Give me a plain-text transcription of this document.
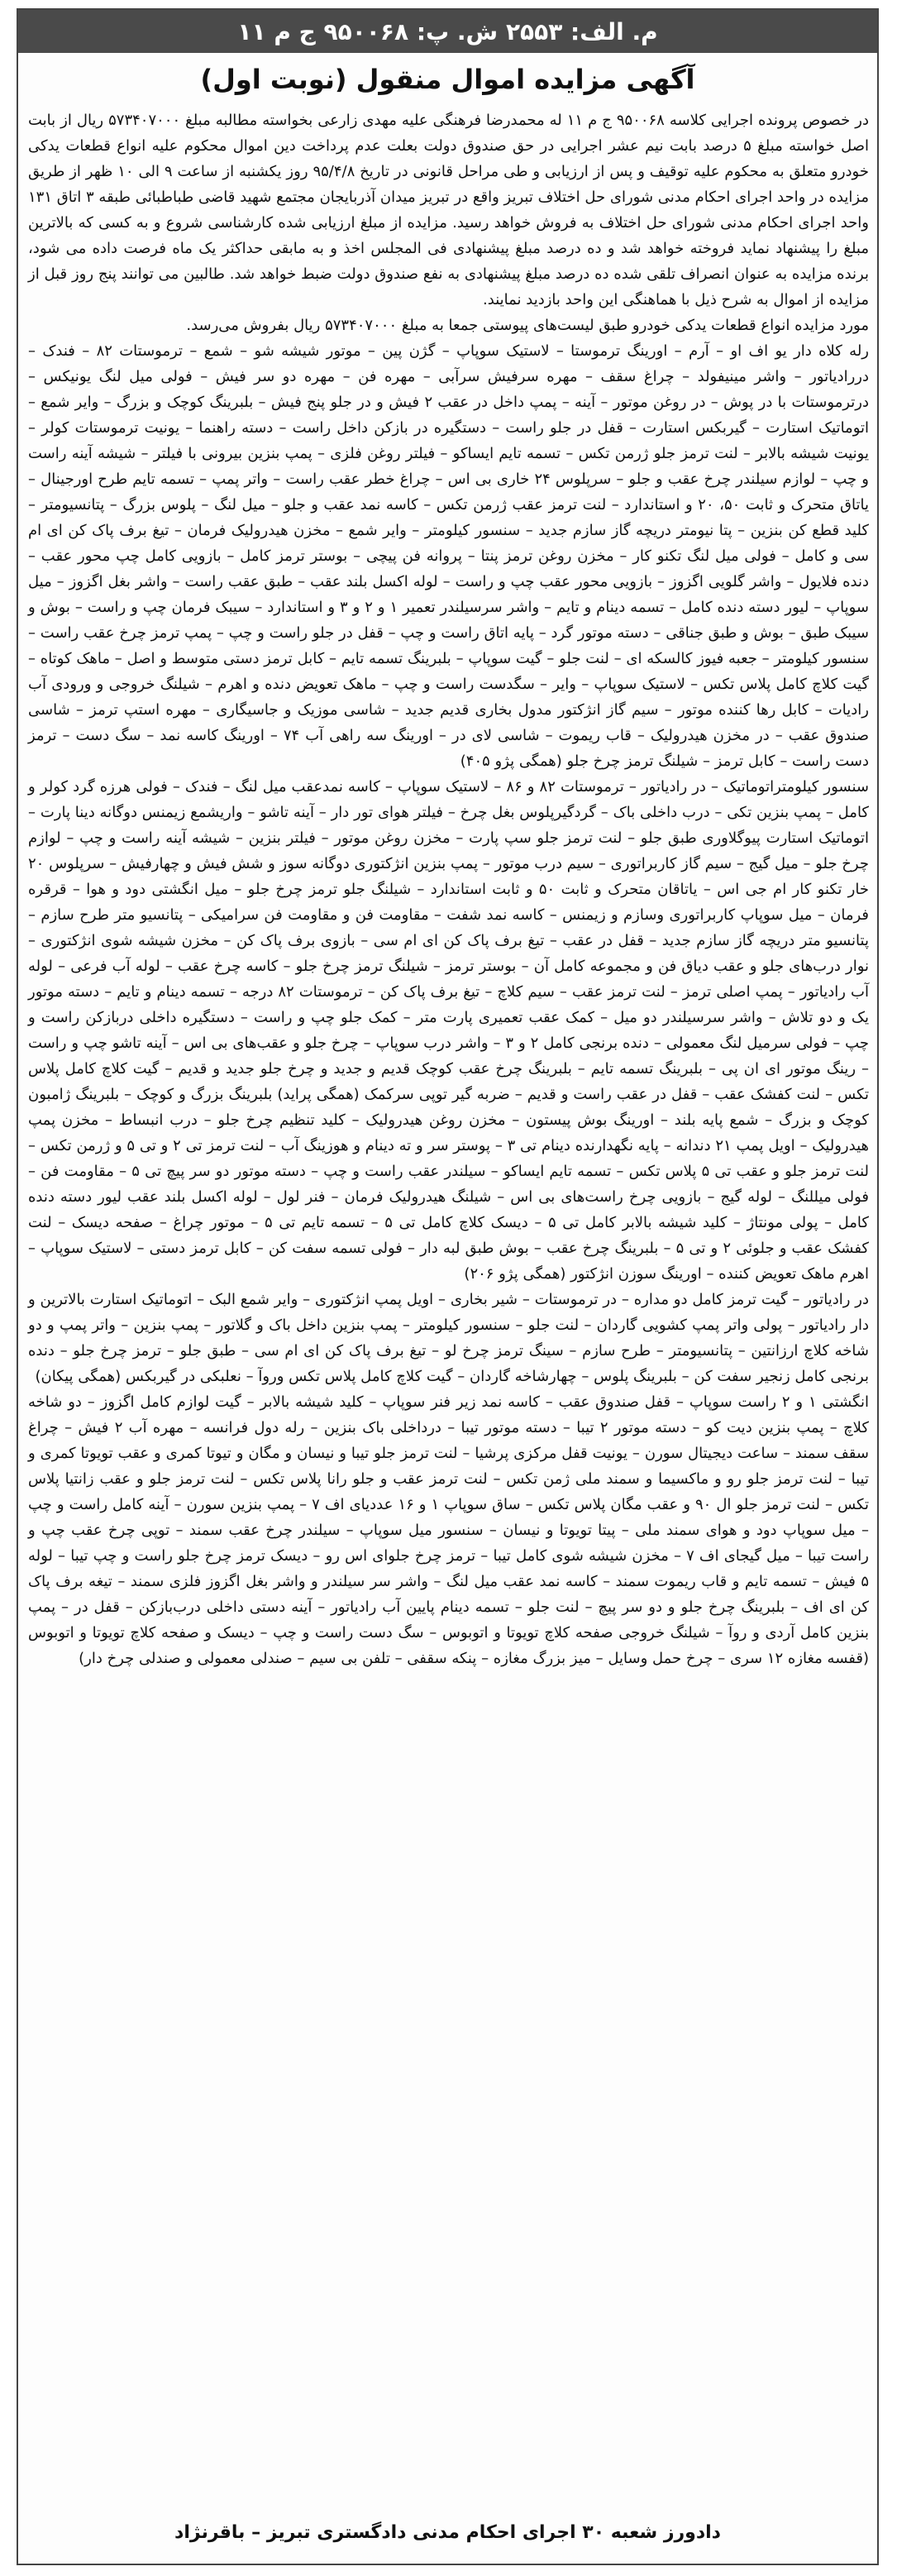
م. الف: ۲۵۵۳ ش. پ: ۹۵۰۰۶۸ ج م ۱۱
آگهی مزایده اموال منقول (نوبت اول)

در خصوص پرونده اجرایی کلاسه ۹۵۰۰۶۸ ج م ۱۱ له محمدرضا فرهنگی علیه مهدی زارعی بخواسته مطالبه مبلغ ۵۷۳۴۰۷۰۰۰ ریال از بابت اصل خواسته مبلغ ۵ درصد بابت نیم عشر اجرایی در حق صندوق دولت بعلت عدم پرداخت دین اموال محکوم علیه انواع قطعات یدکی خودرو متعلق به محکوم علیه توقیف و پس از ارزیابی و طی مراحل قانونی در تاریخ ۹۵/۴/۸ روز یکشنبه از ساعت ۹ الی ۱۰ ظهر از طریق مزایده در واحد اجرای احکام مدنی شورای حل اختلاف تبریز واقع در تبریز میدان آذربایجان مجتمع شهید قاضی طباطبائی طبقه ۳ اتاق ۱۳۱ واحد اجرای احکام مدنی شورای حل اختلاف به فروش خواهد رسید. مزایده از مبلغ ارزیابی شده کارشناسی شروع و به کسی که بالاترین مبلغ را پیشنهاد نماید فروخته خواهد شد و ده درصد مبلغ پیشنهادی فی المجلس اخذ و به مابقی حداکثر یک ماه فرصت داده می شود، برنده مزایده به عنوان انصراف تلقی شده ده درصد مبلغ پیشنهادی به نفع صندوق دولت ضبط خواهد شد. طالبین می توانند پنج روز قبل از مزایده از اموال به شرح ذیل با هماهنگی این واحد بازدید نمایند.

مورد مزایده انواع قطعات یدکی خودرو طبق لیست‌های پیوستی جمعا به مبلغ ۵۷۳۴۰۷۰۰۰ ریال بفروش می‌رسد.

رله کلاه دار یو اف او – آرم – اورینگ ترموستا – لاستیک سوپاپ – گژن پین – موتور شیشه شو – شمع – ترموستات ۸۲ – فندک – دررادیاتور – واشر مینیفولد – چراغ سقف – مهره سرفیش سرآبی – مهره فن – مهره دو سر فیش – فولی میل لنگ یونیکس – درترموستات با در پوش – در روغن موتور – آینه – پمپ داخل در عقب ۲ فیش و در جلو پنج فیش – بلبرینگ کوچک و بزرگ – وایر شمع – اتوماتیک استارت – گیربکس استارت – قفل در جلو راست – دستگیره در بازکن داخل راست – دسته راهنما – یونیت ترموستات کولر – یونیت شیشه بالابر – لنت ترمز جلو ژرمن تکس – تسمه تایم ایساکو – فیلتر روغن فلزی – پمپ بنزین بیرونی با فیلتر – شیشه آینه راست و چپ – لوازم سیلندر چرخ عقب و جلو – سرپلوس ۲۴ خاری بی اس – چراغ خطر عقب راست – واتر پمپ – تسمه تایم طرح اورجینال – یاتاق متحرک و ثابت ۵۰، ۲۰ و استاندارد – لنت ترمز عقب ژرمن تکس – کاسه نمد عقب و جلو – میل لنگ – پلوس بزرگ – پتانسیومتر – کلید قطع کن بنزین – پتا نیومتر دریچه گاز سازم جدید – سنسور کیلومتر – وایر شمع – مخزن هیدرولیک فرمان – تیغ برف پاک کن ای ام سی و کامل – فولی میل لنگ تکنو کار – مخزن روغن ترمز پنتا – پروانه فن پیچی – بوستر ترمز کامل – بازویی کامل چپ محور عقب – دنده فلایول – واشر گلویی اگزوز – بازویی محور عقب چپ و راست – لوله اکسل بلند عقب – طبق عقب راست – واشر بغل اگزوز – میل سوپاپ – لیور دسته دنده کامل – تسمه دینام و تایم – واشر سرسیلندر تعمیر ۱ و ۲ و ۳ و استاندارد – سیبک فرمان چپ و راست – بوش و سیبک طبق – بوش و طبق جناقی – دسته موتور گرد – پایه اتاق راست و چپ – قفل در جلو راست و چپ – پمپ ترمز چرخ عقب راست – سنسور کیلومتر – جعبه فیوز کالسکه ای – لنت جلو – گیت سوپاپ – بلبرینگ تسمه تایم – کابل ترمز دستی متوسط و اصل – ماهک کوتاه – گیت کلاچ کامل پلاس تکس – لاستیک سوپاپ – وایر – سگدست راست و چپ – ماهک تعویض دنده و اهرم – شیلنگ خروجی و ورودی آب رادیات – کابل رها کننده موتور – سیم گاز انژکتور مدول بخاری قدیم جدید – شاسی موزیک و جاسیگاری – مهره استپ ترمز – شاسی صندوق عقب – در مخزن هیدرولیک – قاب ریموت – شاسی لای در – اورینگ سه راهی آب ۷۴ – اورینگ کاسه نمد – سگ دست – ترمز دست راست – کابل ترمز – شیلنگ ترمز چرخ جلو (همگی پژو ۴۰۵)

سنسور کیلومتراتوماتیک – در رادیاتور – ترموستات ۸۲ و ۸۶ – لاستیک سوپاپ – کاسه نمدعقب میل لنگ – فندک – فولی هرزه گرد کولر و کامل – پمپ بنزین تکی – درب داخلی باک – گردگیرپلوس بغل چرخ – فیلتر هوای تور دار – آینه تاشو – واریشمع زیمنس دوگانه دینا پارت – اتوماتیک استارت پیوگلاوری طبق جلو – لنت ترمز جلو سپ پارت – مخزن روغن موتور – فیلتر بنزین – شیشه آینه راست و چپ – لوازم چرخ جلو – میل گیج – سیم گاز کاربراتوری – سیم درب موتور – پمپ بنزین انژکتوری دوگانه سوز و شش فیش و چهارفیش – سرپلوس ۲۰ خار تکنو کار ام جی اس – یاتاقان متحرک و ثابت ۵۰ و ثابت استاندارد – شیلنگ جلو ترمز چرخ جلو – میل انگشتی دود و هوا – قرقره فرمان – میل سوپاپ کاربراتوری وسازم و زیمنس – کاسه نمد شفت – مقاومت فن و مقاومت فن سرامیکی – پتانسیو متر طرح سازم – پتانسیو متر دریچه گاز سازم جدید – قفل در عقب – تیغ برف پاک کن ای ام سی – بازوی برف پاک کن – مخزن شیشه شوی انژکتوری – نوار درب‌های جلو و عقب دیاق فن و مجموعه کامل آن – بوستر ترمز – شیلنگ ترمز چرخ جلو – کاسه چرخ عقب – لوله آب فرعی – لوله آب رادیاتور – پمپ اصلی ترمز – لنت ترمز عقب – سیم کلاچ – تیغ برف پاک کن – ترموستات ۸۲ درجه – تسمه دینام و تایم – دسته موتور یک و دو تلاش – واشر سرسیلندر دو میل – کمک عقب تعمیری پارت متر – کمک جلو چپ و راست – دستگیره داخلی دربازکن راست و چپ – فولی سرمیل لنگ معمولی – دنده برنجی کامل ۲ و ۳ – واشر درب سوپاپ – چرخ جلو و عقب‌های بی اس – آینه تاشو چپ و راست – رینگ موتور ای ان پی – بلبرینگ تسمه تایم – بلبرینگ چرخ عقب کوچک قدیم و جدید و چرخ جلو جدید و قدیم – گیت کلاچ کامل پلاس تکس – لنت کفشک عقب – قفل در عقب راست و قدیم – ضربه گیر توپی سرکمک (همگی پراید) بلبرینگ بزرگ و کوچک – بلبرینگ ژامبون کوچک و بزرگ – شمع پایه بلند – اورینگ بوش پیستون – مخزن روغن هیدرولیک – کلید تنظیم چرخ جلو – درب انبساط – مخزن پمپ هیدرولیک – اویل پمپ ۲۱ دندانه – پایه نگهدارنده دینام تی ۳ – پوستر سر و ته دینام و هوزینگ آب – لنت ترمز تی ۲ و تی ۵ و ژرمن تکس – لنت ترمز جلو و عقب تی ۵ پلاس تکس – تسمه تایم ایساکو – سیلندر عقب راست و چپ – دسته موتور دو سر پیچ تی ۵ – مقاومت فن – فولی میللنگ – لوله گیج – بازویی چرخ راست‌های بی اس – شیلنگ هیدرولیک فرمان – فنر لول – لوله اکسل بلند عقب لیور دسته دنده کامل – پولی مونتاژ – کلید شیشه بالابر کامل تی ۵ – دیسک کلاچ کامل تی ۵ – تسمه تایم تی ۵ – موتور چراغ – صفحه دیسک – لنت کفشک عقب و جلوئی ۲ و تی ۵ – بلبرینگ چرخ عقب – بوش طبق لبه دار – فولی تسمه سفت کن – کابل ترمز دستی – لاستیک سوپاپ – اهرم ماهک تعویض کننده – اورینگ سوزن انژکتور (همگی پژو ۲۰۶)

در رادیاتور – گیت ترمز کامل دو مداره – در ترموستات – شیر بخاری – اویل پمپ انژکتوری – وایر شمع البک – اتوماتیک استارت بالاترین و دار رادیاتور – پولی واتر پمپ کشویی گاردان – لنت جلو – سنسور کیلومتر – پمپ بنزین داخل باک و گلاتور – پمپ بنزین – واتر پمپ و دو شاخه کلاچ ارزانتین – پتانسیومتر – طرح سازم – سینگ ترمز چرخ لو – تیغ برف پاک کن ای ام سی – طبق جلو – ترمز چرخ جلو – دنده برنجی کامل زنجیر سفت کن – بلبرینگ پلوس – چهارشاخه گاردان – گیت کلاچ کامل پلاس تکس وروآ – نعلبکی در گیربکس (همگی پیکان)

انگشتی ۱ و ۲ راست سوپاپ – قفل صندوق عقب – کاسه نمد زیر فنر سوپاپ – کلید شیشه بالابر – گیت لوازم کامل اگزوز – دو شاخه کلاچ – پمپ بنزین دیت کو – دسته موتور ۲ تیبا – دسته موتور تیبا – درداخلی باک بنزین – رله دول فرانسه – مهره آب ۲ فیش – چراغ سقف سمند – ساعت دیجیتال سورن – یونیت قفل مرکزی پرشیا – لنت ترمز جلو تیبا و نیسان و مگان و تیوتا کمری و عقب تویوتا کمری و تیبا – لنت ترمز جلو رو و ماکسیما و سمند ملی ژمن تکس – لنت ترمز عقب و جلو رانا پلاس تکس – لنت ترمز جلو و عقب زانتیا پلاس تکس – لنت ترمز جلو ال ۹۰ و عقب مگان پلاس تکس – ساق سوپاپ ۱ و ۱۶ عددیای اف ۷ – پمپ بنزین سورن – آینه کامل راست و چپ – میل سوپاپ دود و هوای سمند ملی – پیتا تویوتا و نیسان – سنسور میل سوپاپ – سیلندر چرخ عقب سمند – توپی چرخ عقب چپ و راست تیبا – میل گیجای اف ۷ – مخزن شیشه شوی کامل تیبا – ترمز چرخ جلوای اس رو – دیسک ترمز چرخ جلو راست و چپ تیبا – لوله ۵ فیش – تسمه تایم و قاب ریموت سمند – کاسه نمد عقب میل لنگ – واشر سر سیلندر و واشر بغل اگزوز فلزی سمند – تیغه برف پاک کن ای اف – بلبرینگ چرخ جلو و دو سر پیچ – لنت جلو – تسمه دینام پایین آب رادیاتور – آینه دستی داخلی درب‌بازکن – قفل در – پمپ بنزین کامل آردی و روآ – شیلنگ خروجی صفحه کلاچ تویوتا و اتوبوس – سگ دست راست و چپ – دیسک و صفحه کلاچ تویوتا و اتوبوس (قفسه مغازه ۱۲ سری – چرخ حمل وسایل – میز بزرگ مغازه – پنکه سقفی – تلفن بی سیم – صندلی معمولی و صندلی چرخ دار)

دادورز شعبه ۳۰ اجرای احکام مدنی دادگستری تبریز – باقرنژاد
